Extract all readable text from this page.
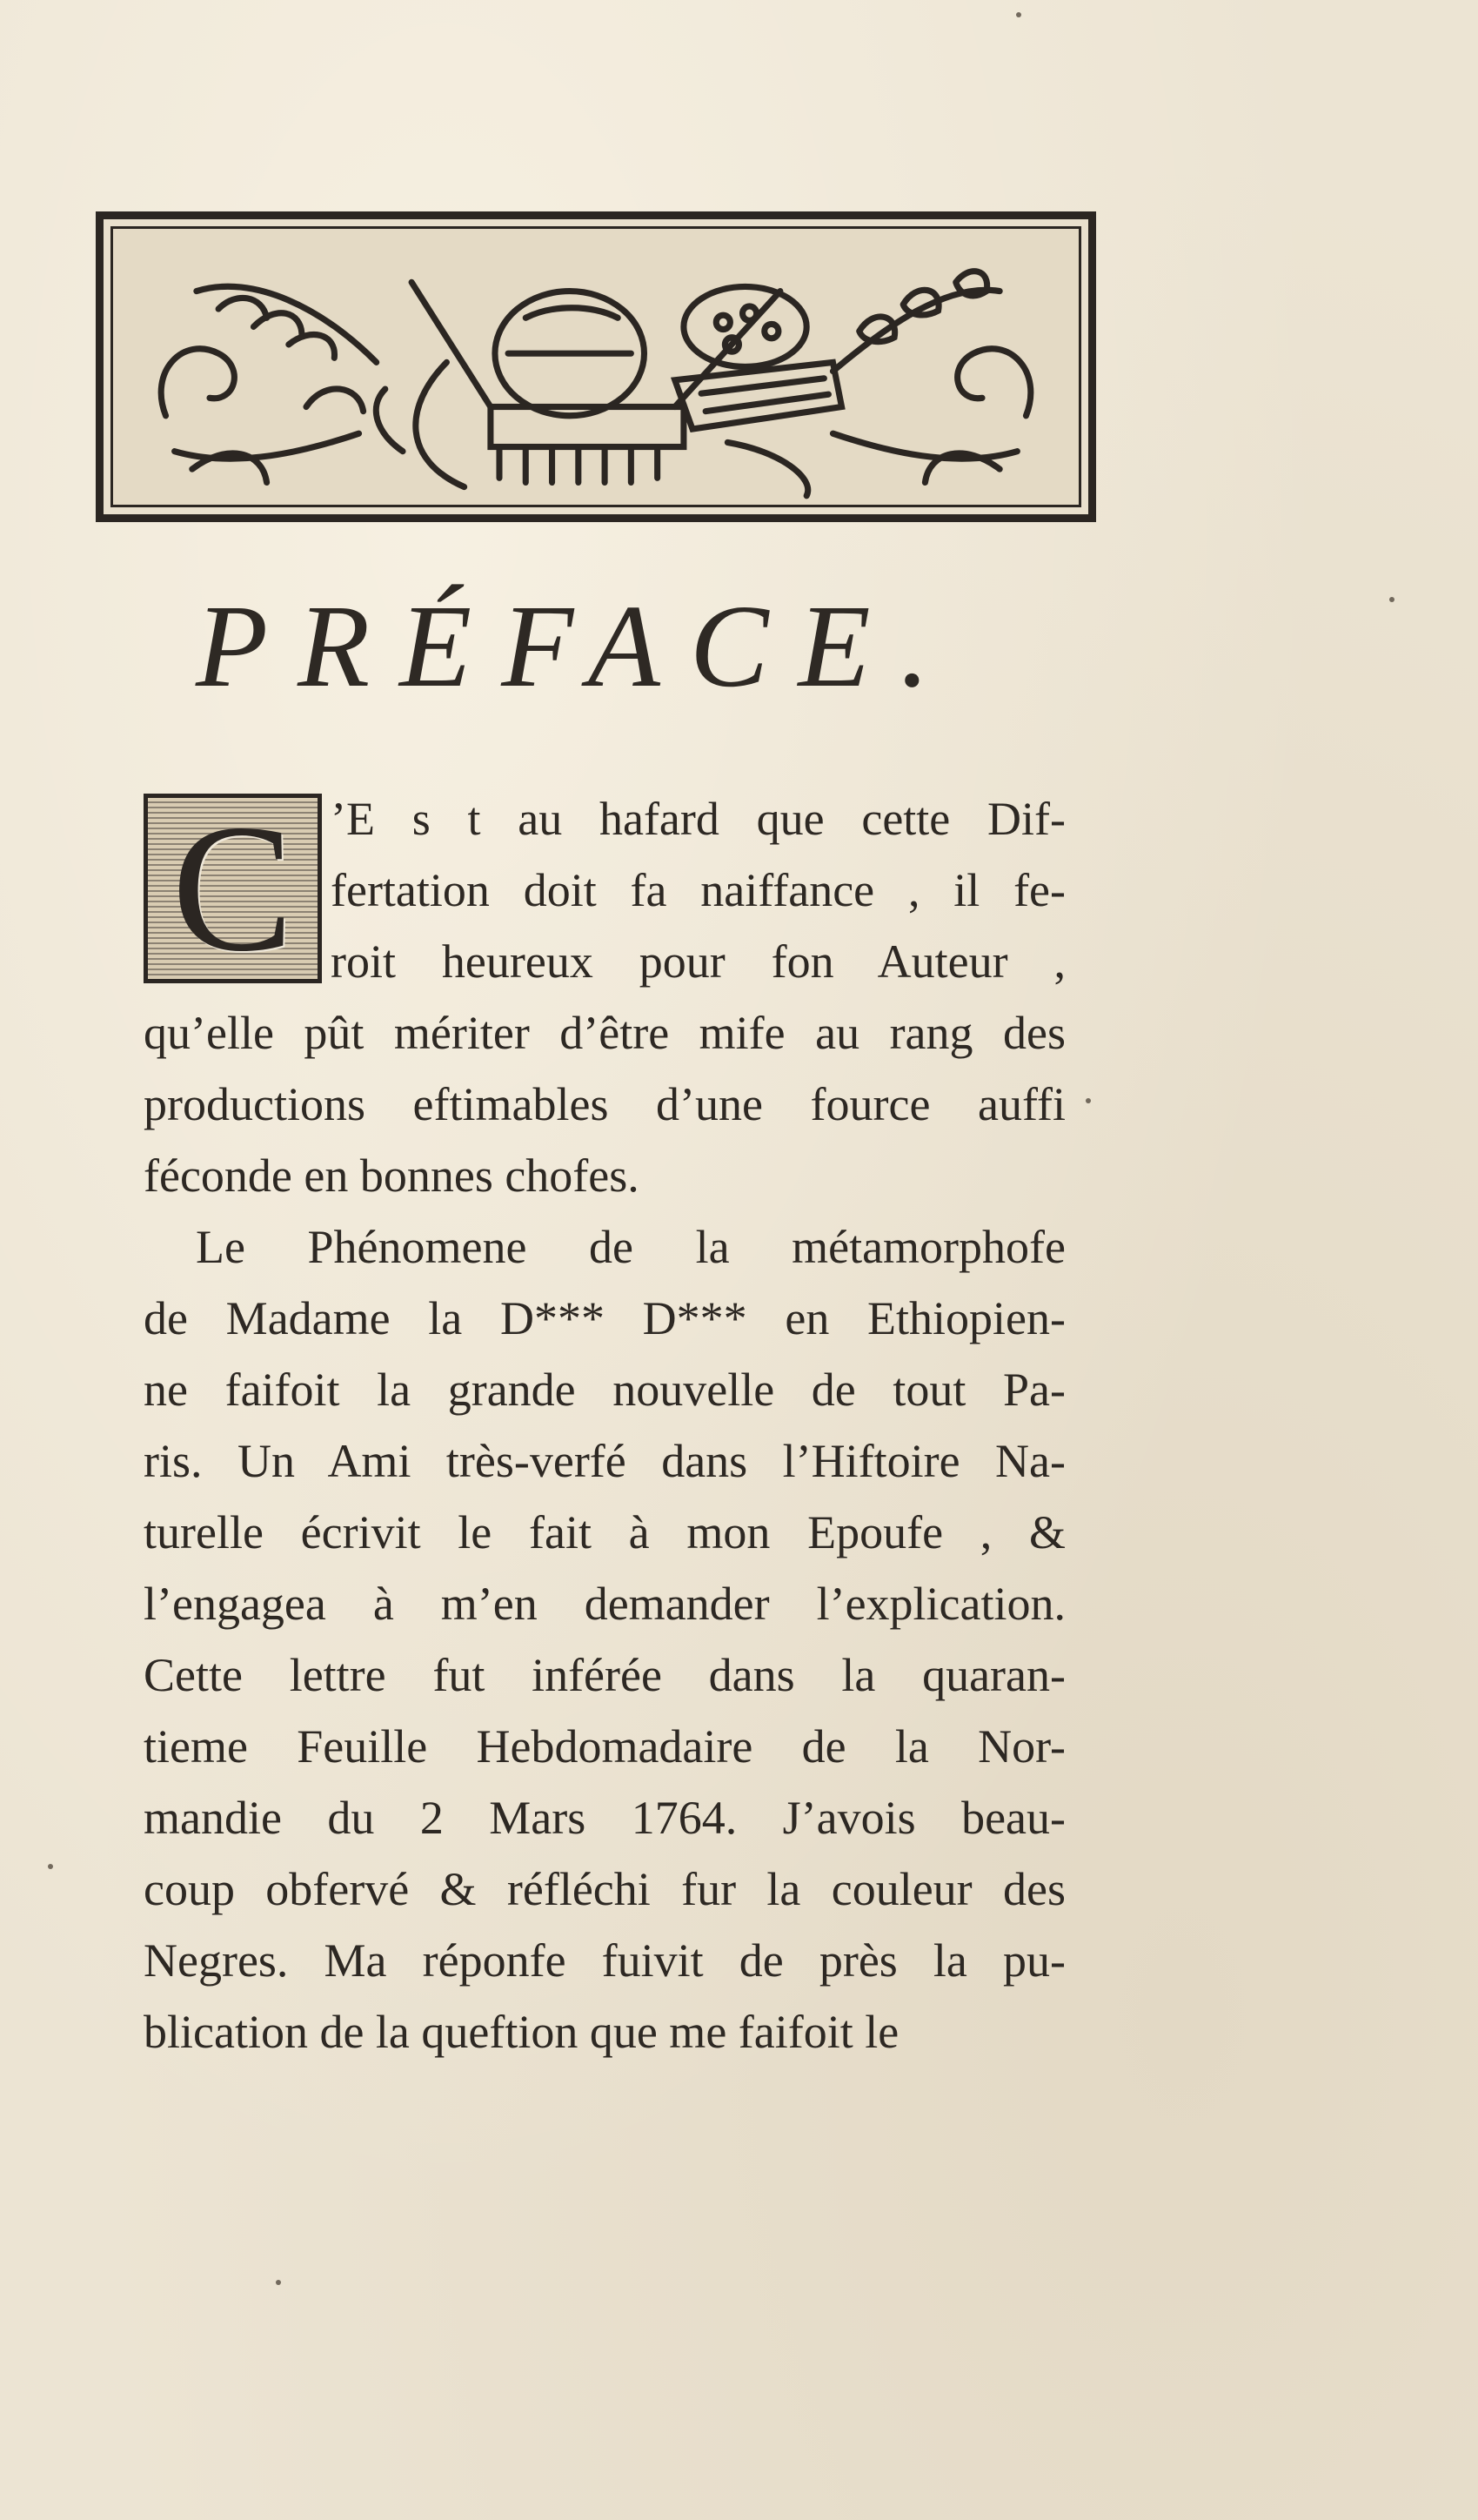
PRÉFACE.
C ’E s t au hafard que cette Dif-
fertation doit fa naiffance , il fe-
roit heureux pour fon Auteur ,
qu’elle pût mériter d’être mife au rang des
productions eftimables d’une fource auffi
féconde en bonnes chofes.
Le Phénomene de la métamorphofe
de Madame la D*** D*** en Ethiopien-
ne faifoit la grande nouvelle de tout Pa-
ris. Un Ami très-verfé dans l’Hiftoire Na-
turelle écrivit le fait à mon Epoufe , &
l’engagea à m’en demander l’explication.
Cette lettre fut inférée dans la quaran-
tieme Feuille Hebdomadaire de la Nor-
mandie du 2 Mars 1764. J’avois beau-
coup obfervé & réfléchi fur la couleur des
Negres. Ma réponfe fuivit de près la pu-
blication de la queftion que me faifoit le
